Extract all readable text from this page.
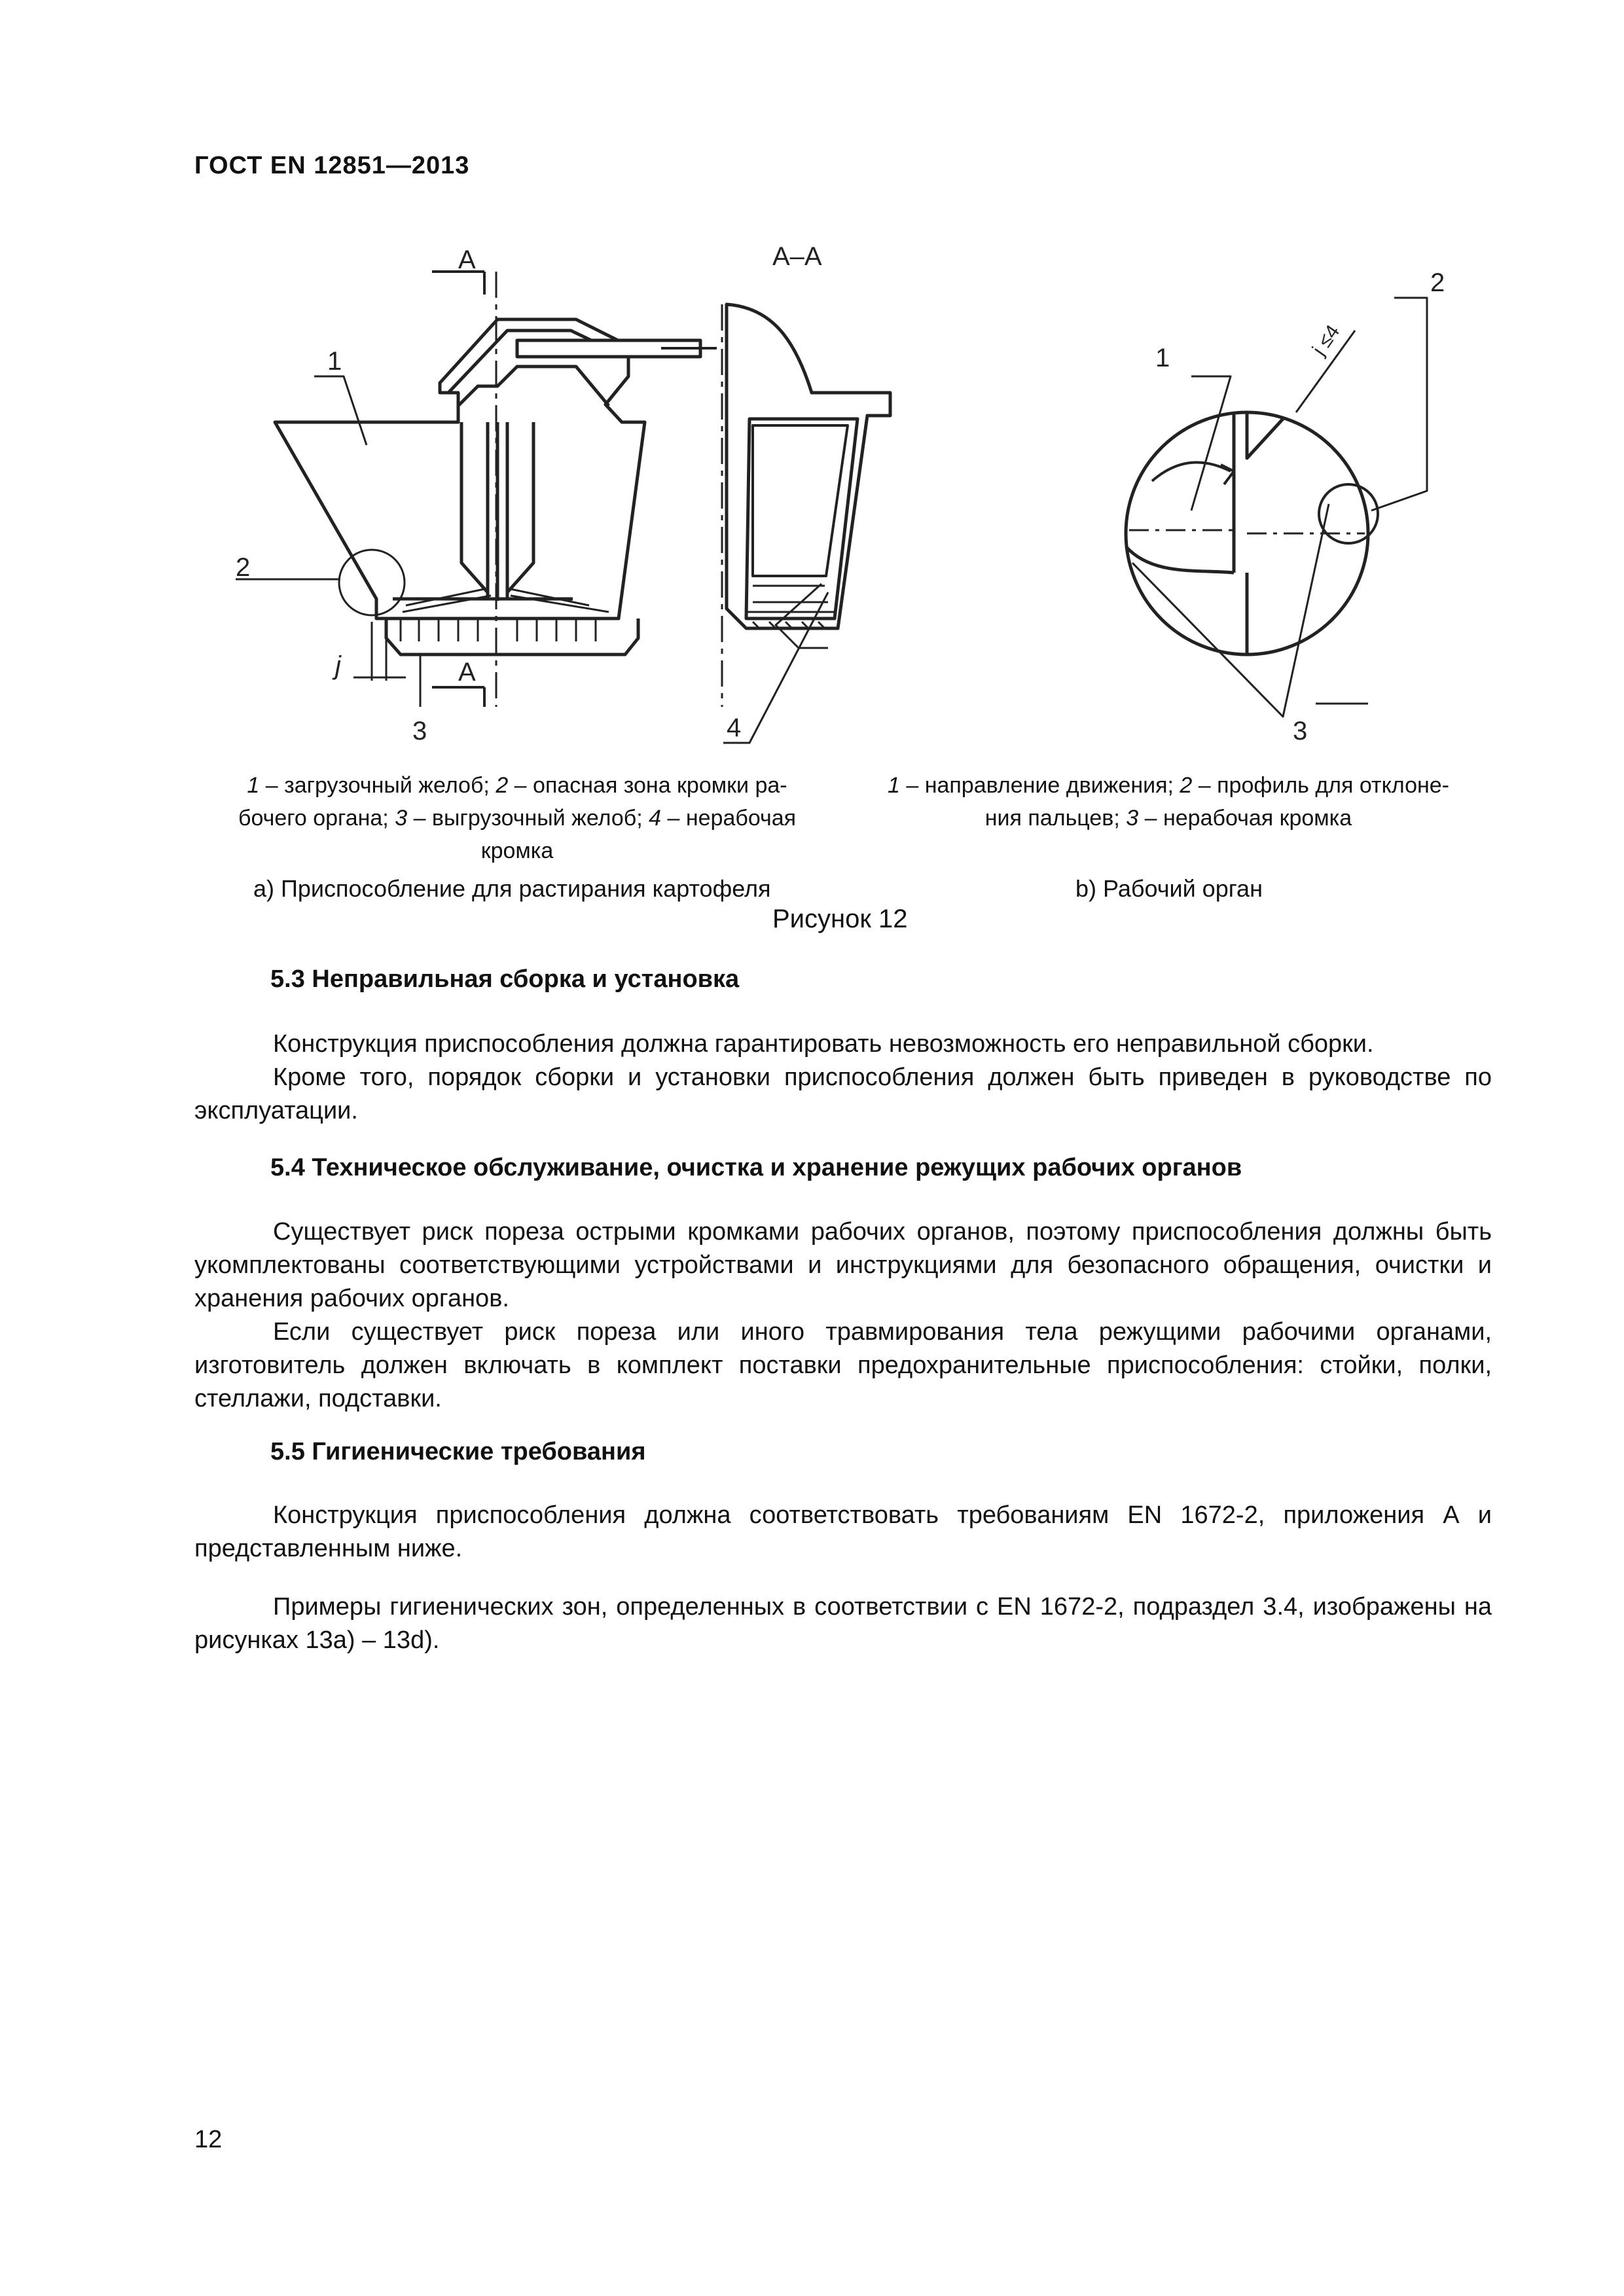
ГОСТ EN 12851—2013
A
A
A–A
1
2
3	4
j
1
2
3
j ≤4
1 – загрузочный желоб; 2 – опасная зона кромки ра-
бочего органа; 3 – выгрузочный желоб; 4 – нерабочая
кромка
1 – направление движения; 2 – профиль для отклоне-
ния пальцев; 3 – нерабочая кромка
а) Приспособление для растирания картофеля	b) Рабочий орган
Рисунок 12
5.3 Неправильная сборка и установка

Конструкция приспособления должна гарантировать невозможность его неправильной сборки.

Кроме того, порядок сборки и установки приспособления должен быть приведен в руководстве по эксплуатации.

5.4 Техническое обслуживание, очистка и хранение режущих рабочих органов

Существует риск пореза острыми кромками рабочих органов, поэтому приспособления должны быть укомплектованы соответствующими устройствами и инструкциями для безопасного обращения, очистки и хранения рабочих органов.

Если существует риск пореза или иного травмирования тела режущими рабочими органами, изготовитель должен включать в комплект поставки предохранительные приспособления: стойки, полки, стеллажи, подставки.

5.5 Гигиенические требования

Конструкция приспособления должна соответствовать требованиям EN 1672-2, приложения А и представленным ниже.

Примеры гигиенических зон, определенных в соответствии с EN 1672-2, подраздел 3.4, изображены на рисунках 13а) – 13d).

12
